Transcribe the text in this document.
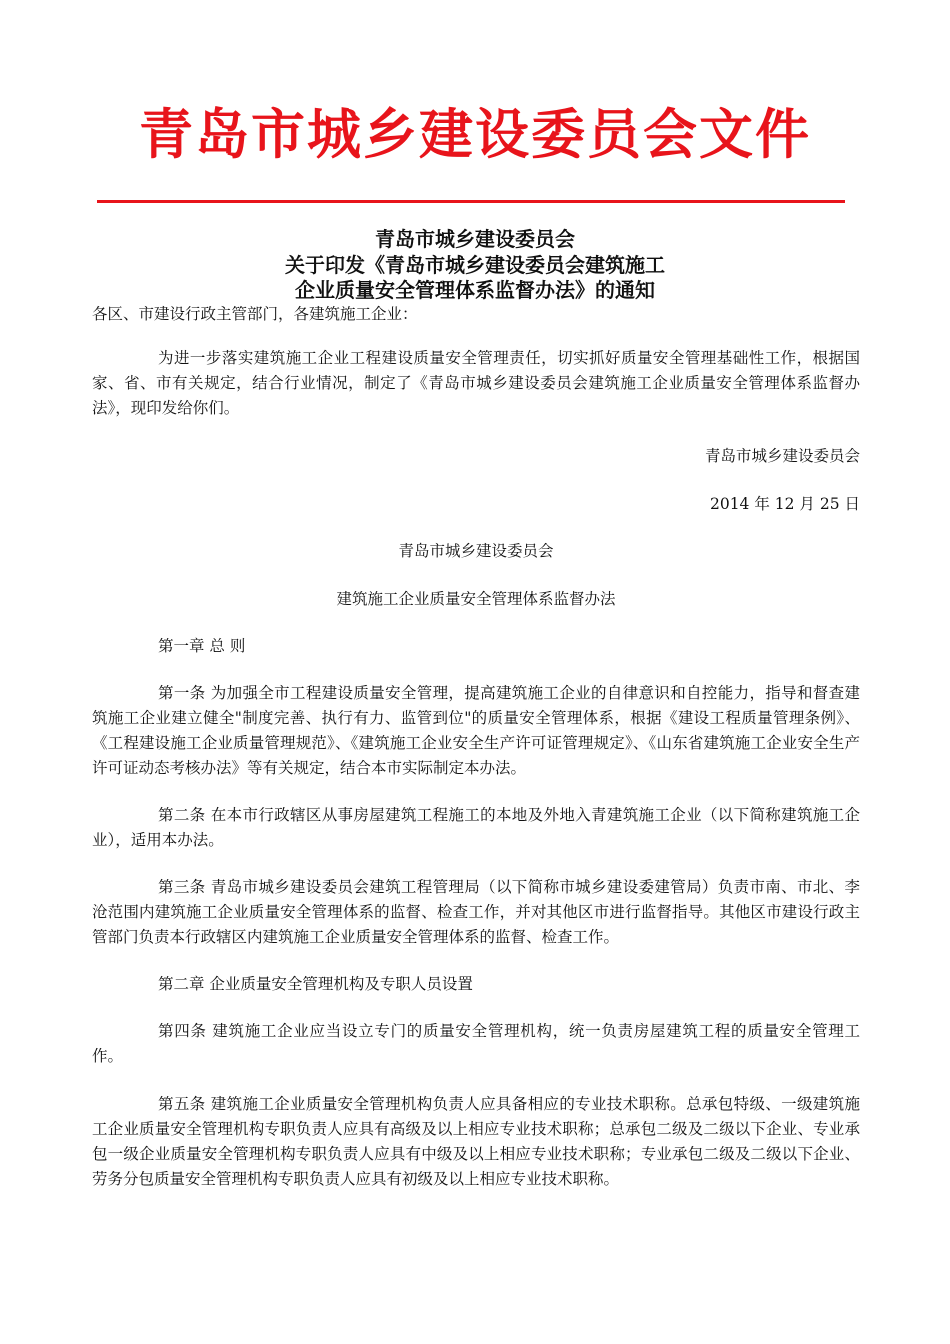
青岛市城乡建设委员会文件
青岛市城乡建设委员会
关于印发《青岛市城乡建设委员会建筑施工
企业质量安全管理体系监督办法》的通知
各区、市建设行政主管部门，各建筑施工企业：
为进一步落实建筑施工企业工程建设质量安全管理责任，切实抓好质量安全管理基础性工作，根据国家、省、市有关规定，结合行业情况，制定了《青岛市城乡建设委员会建筑施工企业质量安全管理体系监督办法》，现印发给你们。
青岛市城乡建设委员会
2014 年 12 月 25 日
青岛市城乡建设委员会
建筑施工企业质量安全管理体系监督办法
第一章 总 则
第一条 为加强全市工程建设质量安全管理，提高建筑施工企业的自律意识和自控能力，指导和督查建筑施工企业建立健全"制度完善、执行有力、监管到位"的质量安全管理体系，根据《建设工程质量管理条例》、《工程建设施工企业质量管理规范》、《建筑施工企业安全生产许可证管理规定》、《山东省建筑施工企业安全生产许可证动态考核办法》等有关规定，结合本市实际制定本办法。
第二条 在本市行政辖区从事房屋建筑工程施工的本地及外地入青建筑施工企业（以下简称建筑施工企业），适用本办法。
第三条 青岛市城乡建设委员会建筑工程管理局（以下简称市城乡建设委建管局）负责市南、市北、李沧范围内建筑施工企业质量安全管理体系的监督、检查工作，并对其他区市进行监督指导。其他区市建设行政主管部门负责本行政辖区内建筑施工企业质量安全管理体系的监督、检查工作。
第二章 企业质量安全管理机构及专职人员设置
第四条 建筑施工企业应当设立专门的质量安全管理机构，统一负责房屋建筑工程的质量安全管理工作。
第五条 建筑施工企业质量安全管理机构负责人应具备相应的专业技术职称。总承包特级、一级建筑施工企业质量安全管理机构专职负责人应具有高级及以上相应专业技术职称；总承包二级及二级以下企业、专业承包一级企业质量安全管理机构专职负责人应具有中级及以上相应专业技术职称；专业承包二级及二级以下企业、劳务分包质量安全管理机构专职负责人应具有初级及以上相应专业技术职称。
